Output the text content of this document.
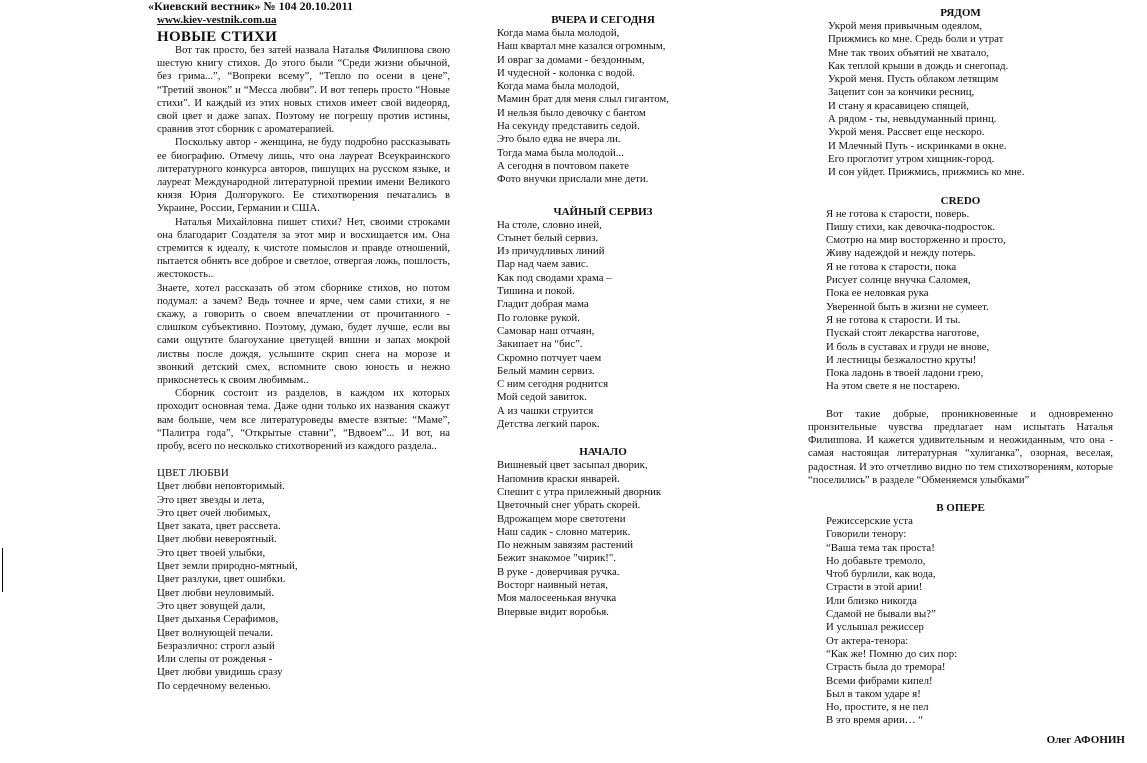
«Киевский вестник» № 104 20.10.2011
www.kiev-vestnik.com.ua
НОВЫЕ СТИХИ

Вот так просто, без затей назвала Наталья Филиппова свою шестую книгу стихов. До этого были “Среди жизни обычной, без грима...”, “Вопреки всему”, “Тепло по осени в цене”, “Третий звонок” и “Месса любви”. И вот теперь просто “Новые стихи”. И каждый из этих новых стихов имеет свой видеоряд, свой цвет и даже запах. Поэтому не погрешу против истины, сравнив этот сборник с ароматерапией.

Поскольку автор - женщина, не буду подробно рассказывать ее биографию. Отмечу лишь, что она лауреат Всеукраинского литературного конкурса авторов, пишущих на русском языке, и лауреат Международной литературной премии имени Великого князя Юрия Долгорукого. Ее стихотворения печатались в Украине, России, Германии и США.

Наталья Михайловна пишет стихи? Нет, своими строками она благодарит Создателя за этот мир и восхищается им. Она стремится к идеалу, к чистоте помыслов и правде отношений, пытается обнять все доброе и светлое, отвергая ложь, пошлость, жестокость..

Знаете, хотел рассказать об этом сборнике стихов, но потом подумал: а зачем? Ведь точнее и ярче, чем сами стихи, я не скажу, а говорить о своем впечатлении от прочитанного - слишком субъективно. Поэтому, думаю, будет лучше, если вы сами ощутите благоухание цветущей вишни и запах мокрой листвы после дождя, услышите скрип снега на морозе и звонкий детский смех, вспомните свою юность и нежно прикоснетесь к своим любимым..

Сборник состоит из разделов, в каждом их которых проходит основная тема. Даже одни только их названия скажут вам больше, чем все литературоведы вместе взятые: “Маме”, “Палитра года”, “Открытые ставни”, “Вдвоем”... И вот, на пробу, всего по несколько стихотворений из каждого раздела..

ЦВЕТ ЛЮБВИ

Цвет любви неповторимый.

Это цвет звезды и лета,

Это цвет очей любимых,

Цвет заката, цвет рассвета.

Цвет любви невероятный.

Это цвет твоей улыбки,

Цвет земли природно-мятный,

Цвет разлуки, цвет ошибки.

Цвет любви неуловимый.

Это цвет зовущей дали,

Цвет дыханья Серафимов,

Цвет волнующей печали.

Безразлично: строгл азый

Или слепы от рожденья -

Цвет любви увидишь сразу

По сердечному веленью.

ВЧЕРА И СЕГОДНЯ

Когда мама была молодой,

Наш квартал мне казался огромным,

И овраг за домами - бездонным,

И чудесной - колонка с водой.

Когда мама была молодой,

Мамин брат для меня слыл гигантом,

И нельзя было девочку с бантом

На секунду представить седой.

Это было едва не вчера ли.

Тогда мама была молодой...

А сегодня в почтовом пакете

Фото внучки прислали мне дети.

ЧАЙНЫЙ СЕРВИЗ

На столе, словно иней,

Стынет белый сервиз.

Из причудливых линий

Пар над чаем завис.

Как под сводами храма –

Тишина и покой.

Гладит добрая мама

По головке рукой.

Самовар наш отчаян,

Закипает на “бис”.

Скромно потчует чаем

Белый мамин сервиз.

С ним сегодня роднится

Мой седой завиток.

А из чашки струится

Детства легкий парок.

НАЧАЛО

Вишневый цвет засыпал дворик,

Напомнив краски январей.

Спешит с утра прилежный дворник

Цветочный снег убрать скорей.

Вдрожащем море светотени

Наш садик - словно материк.

По нежным завязям растений

Бежит знакомое "чирик!".

В руке - доверчивая ручка.

Восторг наивный нетая,

Моя малосеенькая внучка

Впервые видит воробья.

РЯДОМ

Укрой меня привычным одеялом,

Прижмись ко мне. Средь боли и утрат

Мне так твоих объятий не хватало,

Как теплой крыши в дождь и снегопад.

Укрой меня. Пусть облаком летящим

Зацепит сон за кончики ресниц,

И стану я красавицею спящей,

А рядом - ты, невыдуманный принц.

Укрой меня. Рассвет еще нескоро.

И Млечный Путь - искринками в окне.

Его проглотит утром хищник-город.

И сон уйдет. Прижмись, прижмись ко мне.

CREDO

Я не готова к старости, поверь.

Пишу стихи, как девочка-подросток.

Смотрю на мир восторженно и просто,

Живу надеждой и нежду потерь.

Я не готова к старости, пока

Рисует солнце внучка Саломея,

Пока ее неловкая рука

Уверенной быть в жизни не сумеет.

Я не готова к старости. И ты.

Пускай стоят лекарства наготове,

И боль в суставах и груди не внове,

И лестницы безжалостно круты!

Пока ладонь в твоей ладони грею,

На этом свете я не постарею.

Вот такие добрые, проникновенные и одновременно пронзительные чувства предлагает нам испытать Наталья Филиппова. И кажется удивительным и неожиданным, что она - самая настоящая литературная “хулиганка”, озорная, веселая, радостная. И это отчетливо видно по тем стихотворениям, которые “поселились” в разделе “Обменяемся улыбками”

В ОПЕРЕ

Режиссерские уста

Говорили тенору:

“Ваша тема так проста!

Но добавьте тремоло,

Чтоб бурлили, как вода,

Страсти в этой арии!

Или близко никогда

Сдамой не бывали вы?”

И услышал режиссер

От актера-тенора:

“Как же! Помню до сих пор:

Страсть была до тремора!

Всеми фибрами кипел!

Был в таком ударе я!

Но, простите, я не пел

В это время арии… “

Олег АФОНИН
